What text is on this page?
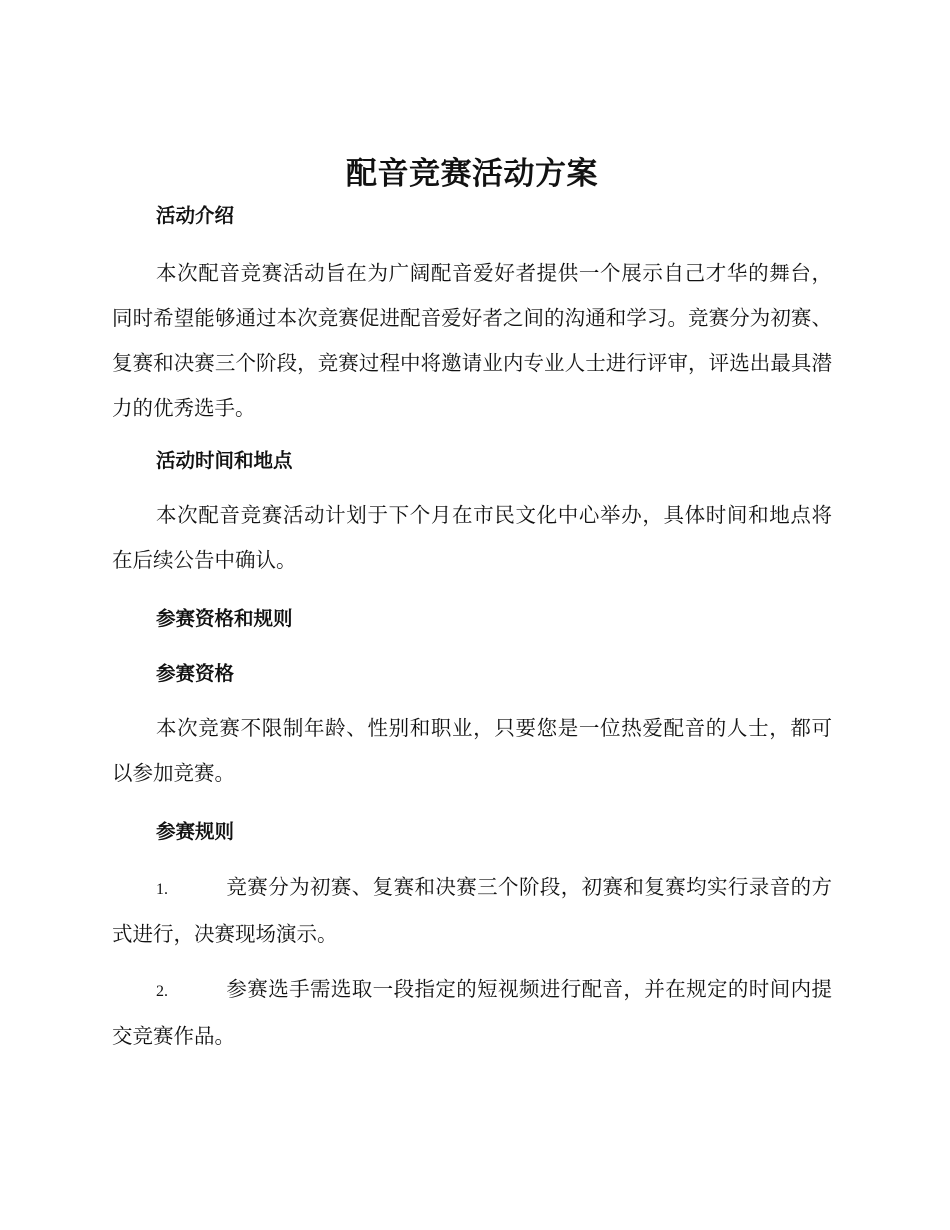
配音竞赛活动方案
活动介绍

本次配音竞赛活动旨在为广阔配音爱好者提供一个展示自己才华的舞台，同时希望能够通过本次竞赛促进配音爱好者之间的沟通和学习。竞赛分为初赛、复赛和决赛三个阶段，竞赛过程中将邀请业内专业人士进行评审，评选出最具潜力的优秀选手。

活动时间和地点

本次配音竞赛活动计划于下个月在市民文化中心举办，具体时间和地点将在后续公告中确认。

参赛资格和规则
参赛资格

本次竞赛不限制年龄、性别和职业，只要您是一位热爱配音的人士，都可以参加竞赛。

参赛规则

1.	竞赛分为初赛、复赛和决赛三个阶段，初赛和复赛均实行录音的方式进行，决赛现场演示。

2.	参赛选手需选取一段指定的短视频进行配音，并在规定的时间内提交竞赛作品。
